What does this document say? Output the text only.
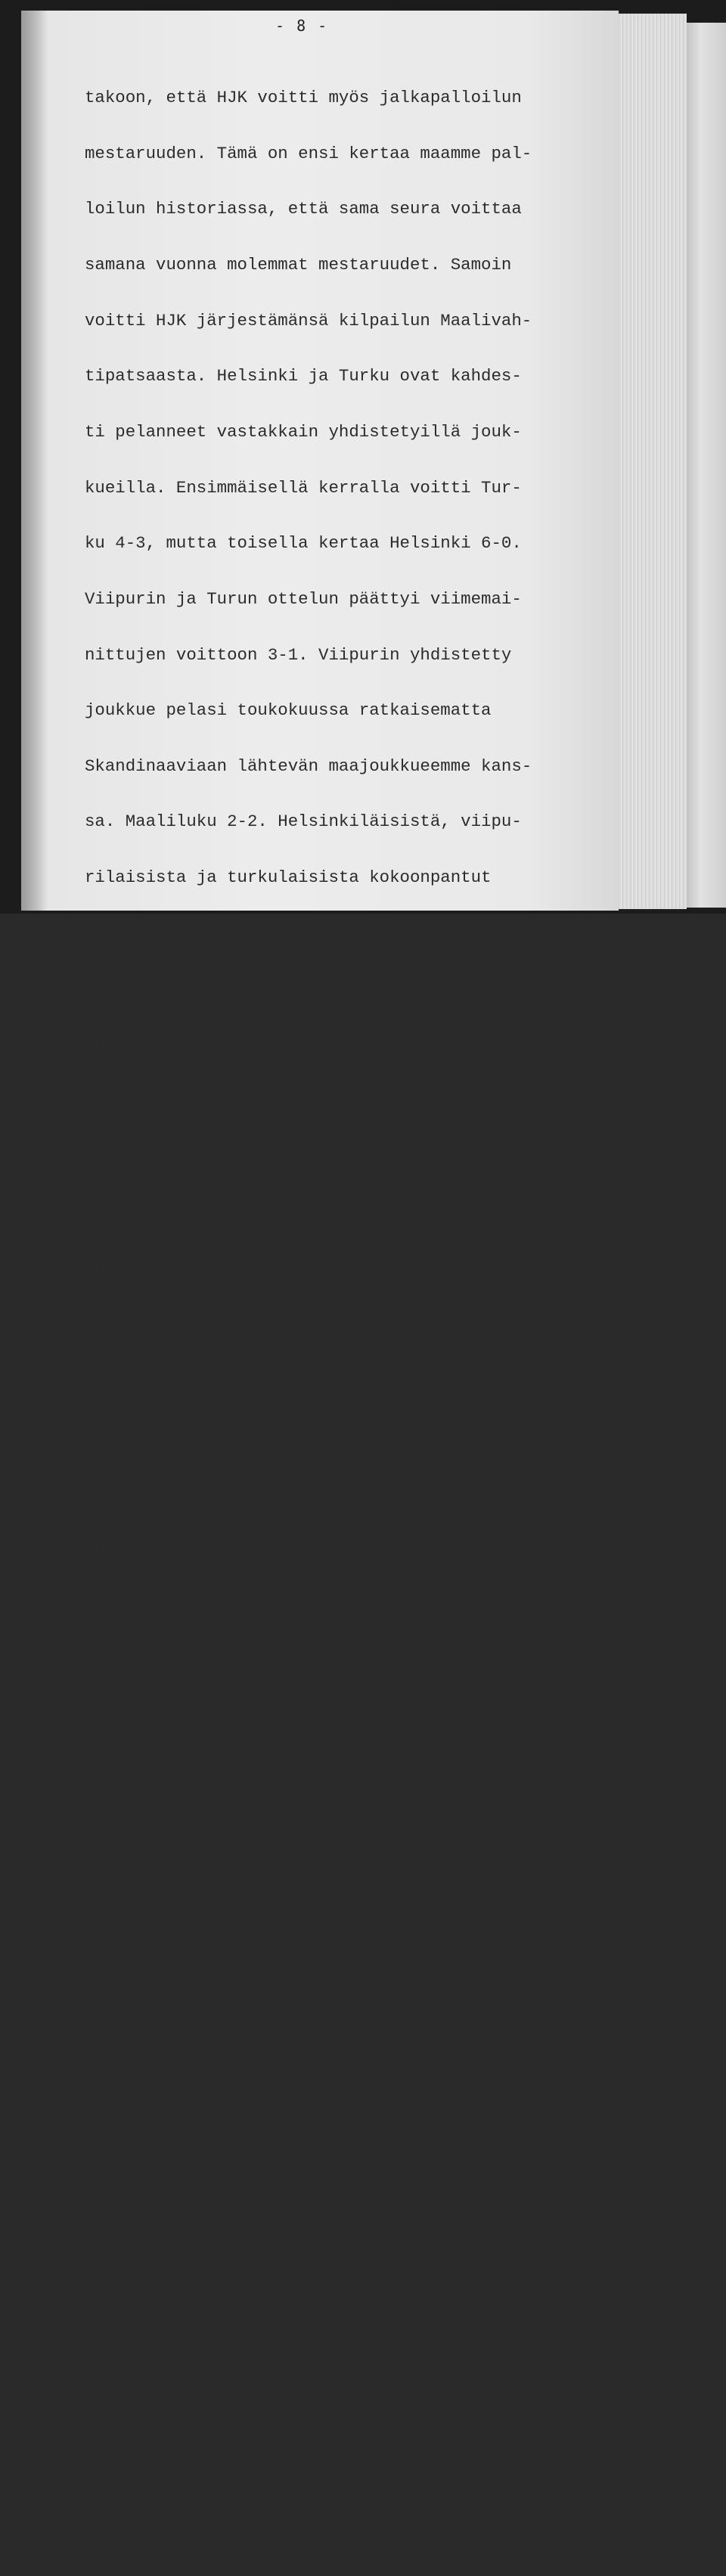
- 8 -

takoon, että HJK voitti myös jalkapalloilun

mestaruuden. Tämä on ensi kertaa maamme pal-

loilun historiassa, että sama seura voittaa

samana vuonna molemmat mestaruudet. Samoin

voitti HJK järjestämänsä kilpailun Maalivah-

tipatsaasta. Helsinki ja Turku ovat kahdes-

ti pelanneet vastakkain yhdistetyillä jouk-

kueilla. Ensimmäisellä kerralla voitti Tur-

ku 4-3, mutta toisella kertaa Helsinki 6-0.

Viipurin ja Turun ottelun päättyi viimemai-

nittujen voittoon 3-1. Viipurin yhdistetty

joukkue pelasi toukokuussa ratkaisematta

Skandinaaviaan lähtevän maajoukkueemme kans-

sa. Maaliluku 2-2. Helsinkiläisistä, viipu-

rilaisista ja turkulaisista kokoonpantut

joukkueet ottelivat ennen Keski-Europan mat-

kaa. A.joukkue voitti 3-1. Ystävyysotteluja

on ollut lukuisasti. Helsingin toisen luo-

kan joukkue on käynyt kilpailumatkalla Kar-

jalassa ja pelasi m.m. Joensuussa kaksi ot-

telua samana päivänä. Helsingin sarjakilpai-

luja ei saatu kenttäpuutteen ja sateiden ta-

kia loppuun suoritettua, paitsi ensi luokas-

sa, jonka voitti KIF. Kaikkiaan oli Helsin-

gin sarjakilpailuissa mukana yli 30 joukku-

etta. Liite 4 osoittaa mestaruuskilpailun

kulkua jalkapalloilussa. Suomen kansainväli-

set pelaajat jalkapalloilussa vuonna 1923 o-

vat:

✓Tammisalo (HJK),✓Englund (H:gin IFK),

Lydman (HPS),✓R.Wickström (KIF),✓I.Grannas

(Turun IFK),✓T.Koskinen (Viipurin Sudet),✓I.

Laine (Viipurin Sudet),✓L.Virta ja H.Mantila

(HPS),✓Ch.Stormbom (Turun IFK), M.Jansson

(Turun IFK),✓E.Soinio (HJK),✓Hj.Kelin (HJK),

A.Linna (HPS),✓V.Eklöf (HJK),✓K.Fallström ja

B.Silve (HJK), T.Österlund ja P.Kuffschnoff

(Turun IFK),✓Kettunen (Viipurin Sudet),✓Moi-

sio (Viipurin Sudet),✓Kanerva (HPS),✓H.Bele-

witcz,✓A.Katajavuori (HPS) ja G.Åström (H:gin

IFK).

Turun piirin toimintaa osoittaa lii-

te 5, jonka on laatinut asiamiehemme Turussa

lehtori Aug.Blomberg. Toiminta Turussa on

huomattavasti vilkastunut ja muodostunut e-
